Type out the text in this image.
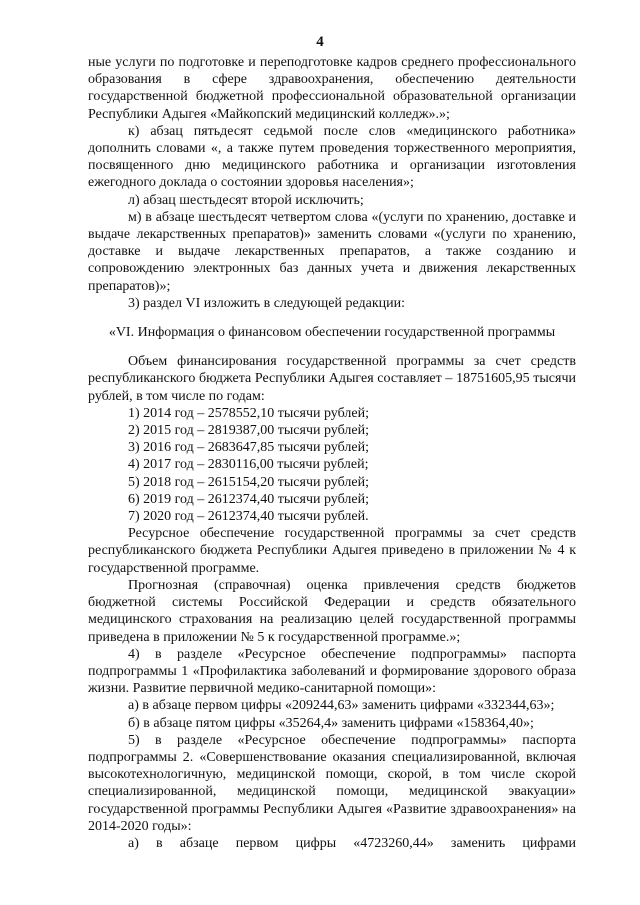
4

ные услуги по подготовке и переподготовке кадров среднего профессионального образования в сфере здравоохранения, обеспечению деятельности государственной бюджетной профессиональной образовательной организации Республики Адыгея «Майкопский медицинский колледж».»;

к) абзац пятьдесят седьмой после слов «медицинского работника» дополнить словами «, а также путем проведения торжественного мероприятия, посвященного дню медицинского работника и организации изготовления ежегодного доклада о состоянии здоровья населения»;

л) абзац шестьдесят второй исключить;

м) в абзаце шестьдесят четвертом слова «(услуги по хранению, доставке и выдаче лекарственных препаратов)» заменить словами «(услуги по хранению, доставке и выдаче лекарственных препаратов, а также созданию и сопровождению электронных баз данных учета и движения лекарственных препаратов)»;

3) раздел VI изложить в следующей редакции:

«VI. Информация о финансовом обеспечении государственной программы

Объем финансирования государственной программы за счет средств республиканского бюджета Республики Адыгея составляет – 18751605,95 тысячи рублей, в том числе по годам:

1) 2014 год – 2578552,10 тысячи рублей;

2) 2015 год – 2819387,00 тысячи рублей;

3) 2016 год – 2683647,85 тысячи рублей;

4) 2017 год – 2830116,00 тысячи рублей;

5) 2018 год – 2615154,20 тысячи рублей;

6) 2019 год – 2612374,40 тысячи рублей;

7) 2020 год – 2612374,40 тысячи рублей.

Ресурсное обеспечение государственной программы за счет средств республиканского бюджета Республики Адыгея приведено в приложении № 4 к государственной программе.

Прогнозная (справочная) оценка привлечения средств бюджетов бюджетной системы Российской Федерации и средств обязательного медицинского страхования на реализацию целей государственной программы приведена в приложении № 5 к государственной программе.»;

4) в разделе «Ресурсное обеспечение подпрограммы» паспорта подпрограммы 1 «Профилактика заболеваний и формирование здорового образа жизни. Развитие первичной медико-санитарной помощи»:

а) в абзаце первом цифры «209244,63» заменить цифрами «332344,63»;

б) в абзаце пятом цифры «35264,4» заменить цифрами «158364,40»;

5) в разделе «Ресурсное обеспечение подпрограммы» паспорта подпрограммы 2. «Совершенствование оказания специализированной, включая высокотехнологичную, медицинской помощи, скорой, в том числе скорой специализированной, медицинской помощи, медицинской эвакуации» государственной программы Республики Адыгея «Развитие здравоохранения» на 2014-2020 годы»:

а) в абзаце первом цифры «4723260,44» заменить цифрами
